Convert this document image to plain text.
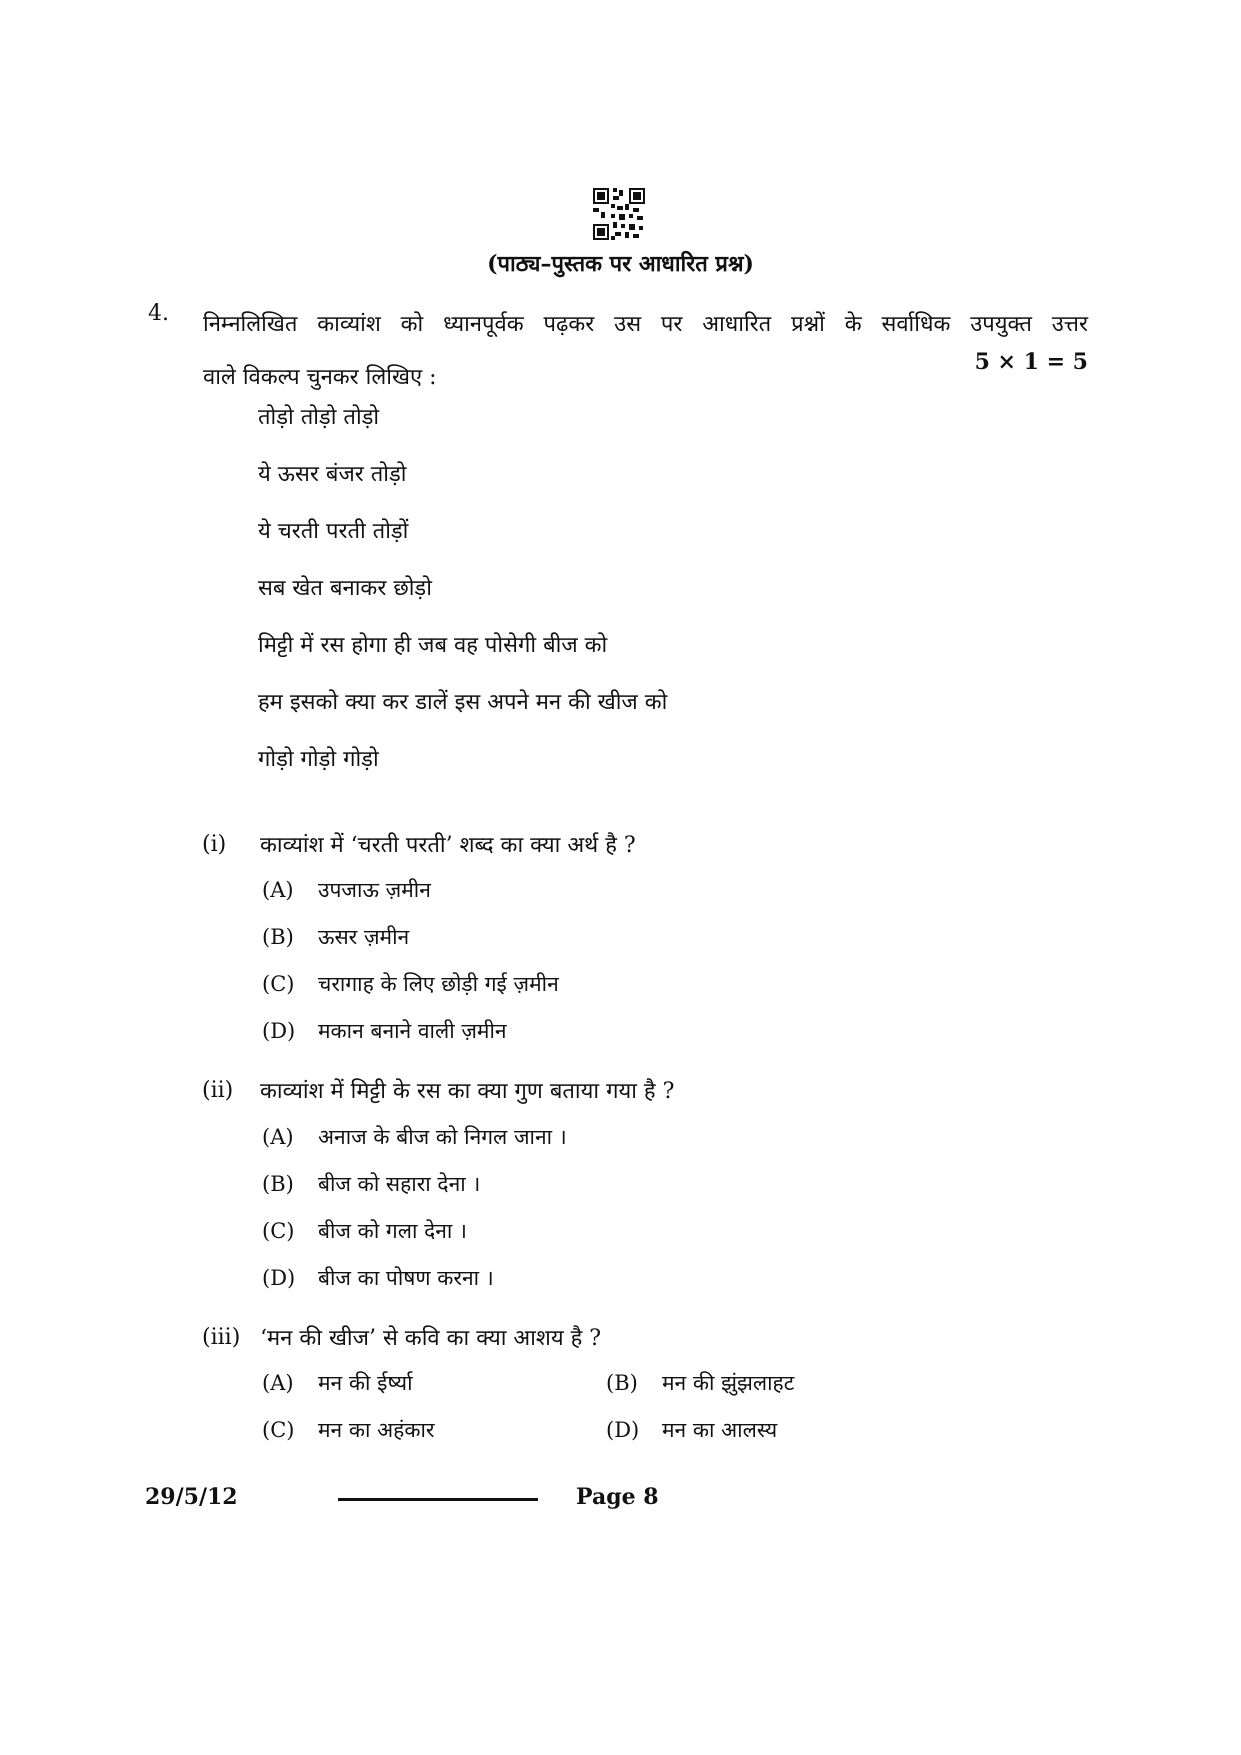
(पाठ्य–पुस्तक पर आधारित प्रश्न)
4. निम्नलिखित काव्यांश को ध्यानपूर्वक पढ़कर उस पर आधारित प्रश्नों के सर्वाधिक उपयुक्त उत्तर
वाले विकल्प चुनकर लिखिए :
5 × 1 = 5
तोड़ो तोड़ो तोड़ो
ये ऊसर बंजर तोड़ो
ये चरती परती तोड़ों
सब खेत बनाकर छोड़ो
मिट्टी में रस होगा ही जब वह पोसेगी बीज को
हम इसको क्या कर डालें इस अपने मन की खीज को
गोड़ो गोड़ो गोड़ो
(i) काव्यांश में ‘चरती परती’ शब्द का क्या अर्थ है ?
(A) उपजाऊ ज़मीन
(B) ऊसर ज़मीन
(C) चरागाह के लिए छोड़ी गई ज़मीन
(D) मकान बनाने वाली ज़मीन
(ii) काव्यांश में मिट्टी के रस का क्या गुण बताया गया है ?
(A) अनाज के बीज को निगल जाना ।
(B) बीज को सहारा देना ।
(C) बीज को गला देना ।
(D) बीज का पोषण करना ।
(iii) ‘मन की खीज’ से कवि का क्या आशय है ?
(A) मन की ईर्ष्या	(B) मन की झुंझलाहट
(C) मन का अहंकार	(D) मन का आलस्य
29/5/12	Page 8
